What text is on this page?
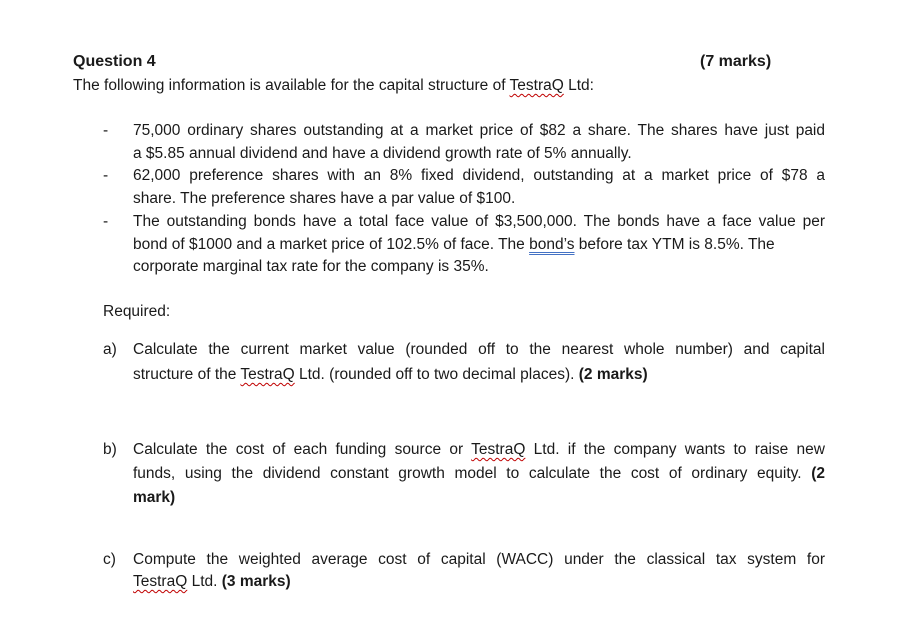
Question 4	(7 marks)
The following information is available for the capital structure of TestraQ Ltd:
- 75,000 ordinary shares outstanding at a market price of $82 a share. The shares have just paid
a $5.85 annual dividend and have a dividend growth rate of 5% annually.
- 62,000 preference shares with an 8% fixed dividend, outstanding at a market price of $78 a
share. The preference shares have a par value of $100.
- The outstanding bonds have a total face value of $3,500,000. The bonds have a face value per
bond of $1000 and a market price of 102.5% of face. The bond’s before tax YTM is 8.5%. The
corporate marginal tax rate for the company is 35%.
Required:
a) Calculate the current market value (rounded off to the nearest whole number) and capital
structure of the TestraQ Ltd. (rounded off to two decimal places). (2 marks)
b) Calculate the cost of each funding source or TestraQ Ltd. if the company wants to raise new
funds, using the dividend constant growth model to calculate the cost of ordinary equity. (2
mark)
c) Compute the weighted average cost of capital (WACC) under the classical tax system for
TestraQ Ltd. (3 marks)
